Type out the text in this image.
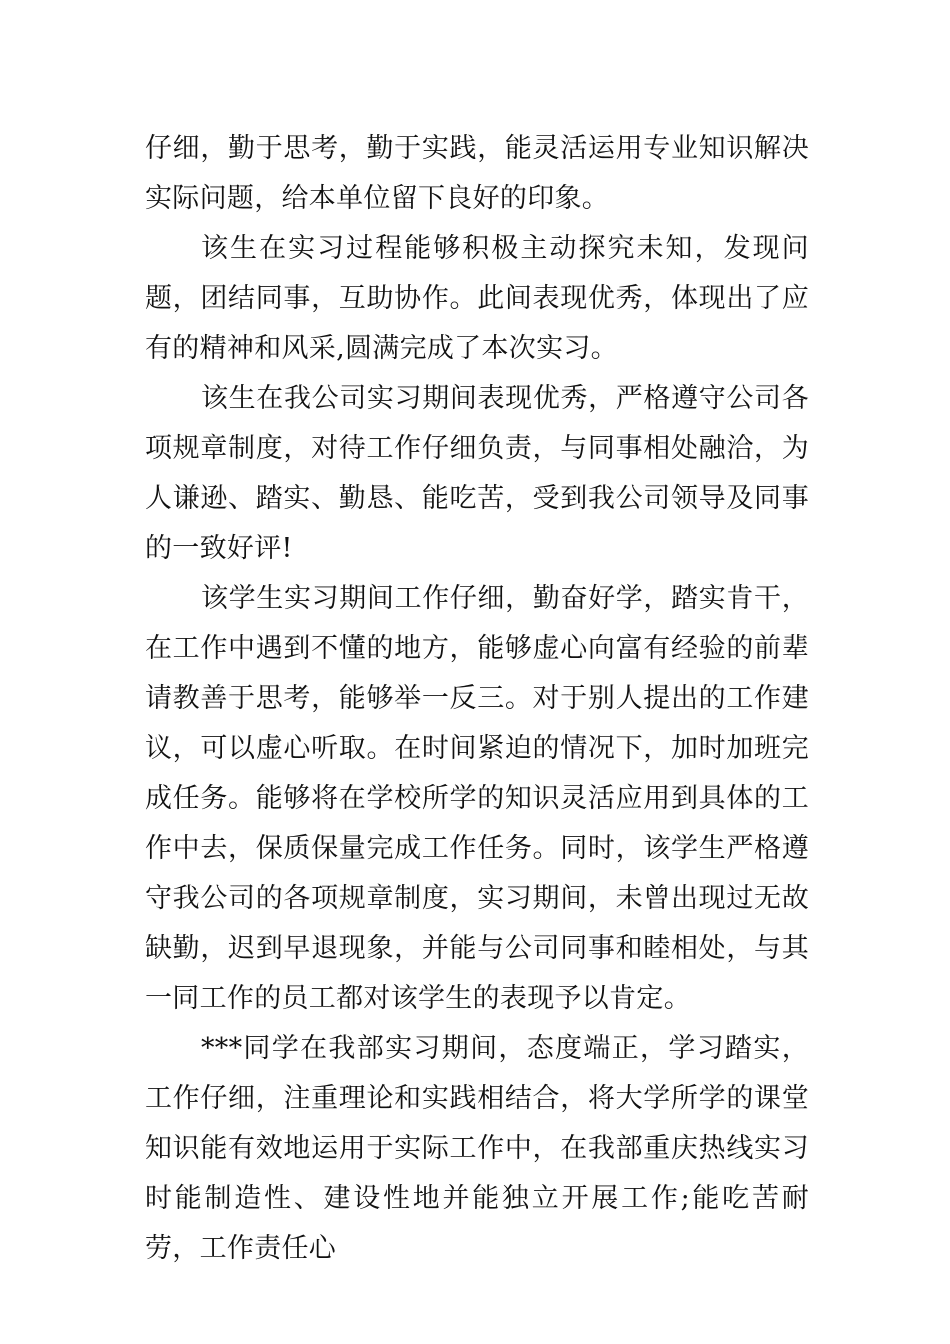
仔细，勤于思考，勤于实践，能灵活运用专业知识解决实际问题，给本单位留下良好的印象。

该生在实习过程能够积极主动探究未知，发现问题，团结同事，互助协作。此间表现优秀，体现出了应有的精神和风采,圆满完成了本次实习。

该生在我公司实习期间表现优秀，严格遵守公司各项规章制度，对待工作仔细负责，与同事相处融洽，为人谦逊、踏实、勤恳、能吃苦，受到我公司领导及同事的一致好评!

该学生实习期间工作仔细，勤奋好学，踏实肯干，在工作中遇到不懂的地方，能够虚心向富有经验的前辈请教善于思考，能够举一反三。对于别人提出的工作建议，可以虚心听取。在时间紧迫的情况下，加时加班完成任务。能够将在学校所学的知识灵活应用到具体的工作中去，保质保量完成工作任务。同时，该学生严格遵守我公司的各项规章制度，实习期间，未曾出现过无故缺勤，迟到早退现象，并能与公司同事和睦相处，与其一同工作的员工都对该学生的表现予以肯定。

***同学在我部实习期间，态度端正，学习踏实，工作仔细，注重理论和实践相结合，将大学所学的课堂知识能有效地运用于实际工作中，在我部重庆热线实习时能制造性、建设性地并能独立开展工作;能吃苦耐劳，工作责任心
